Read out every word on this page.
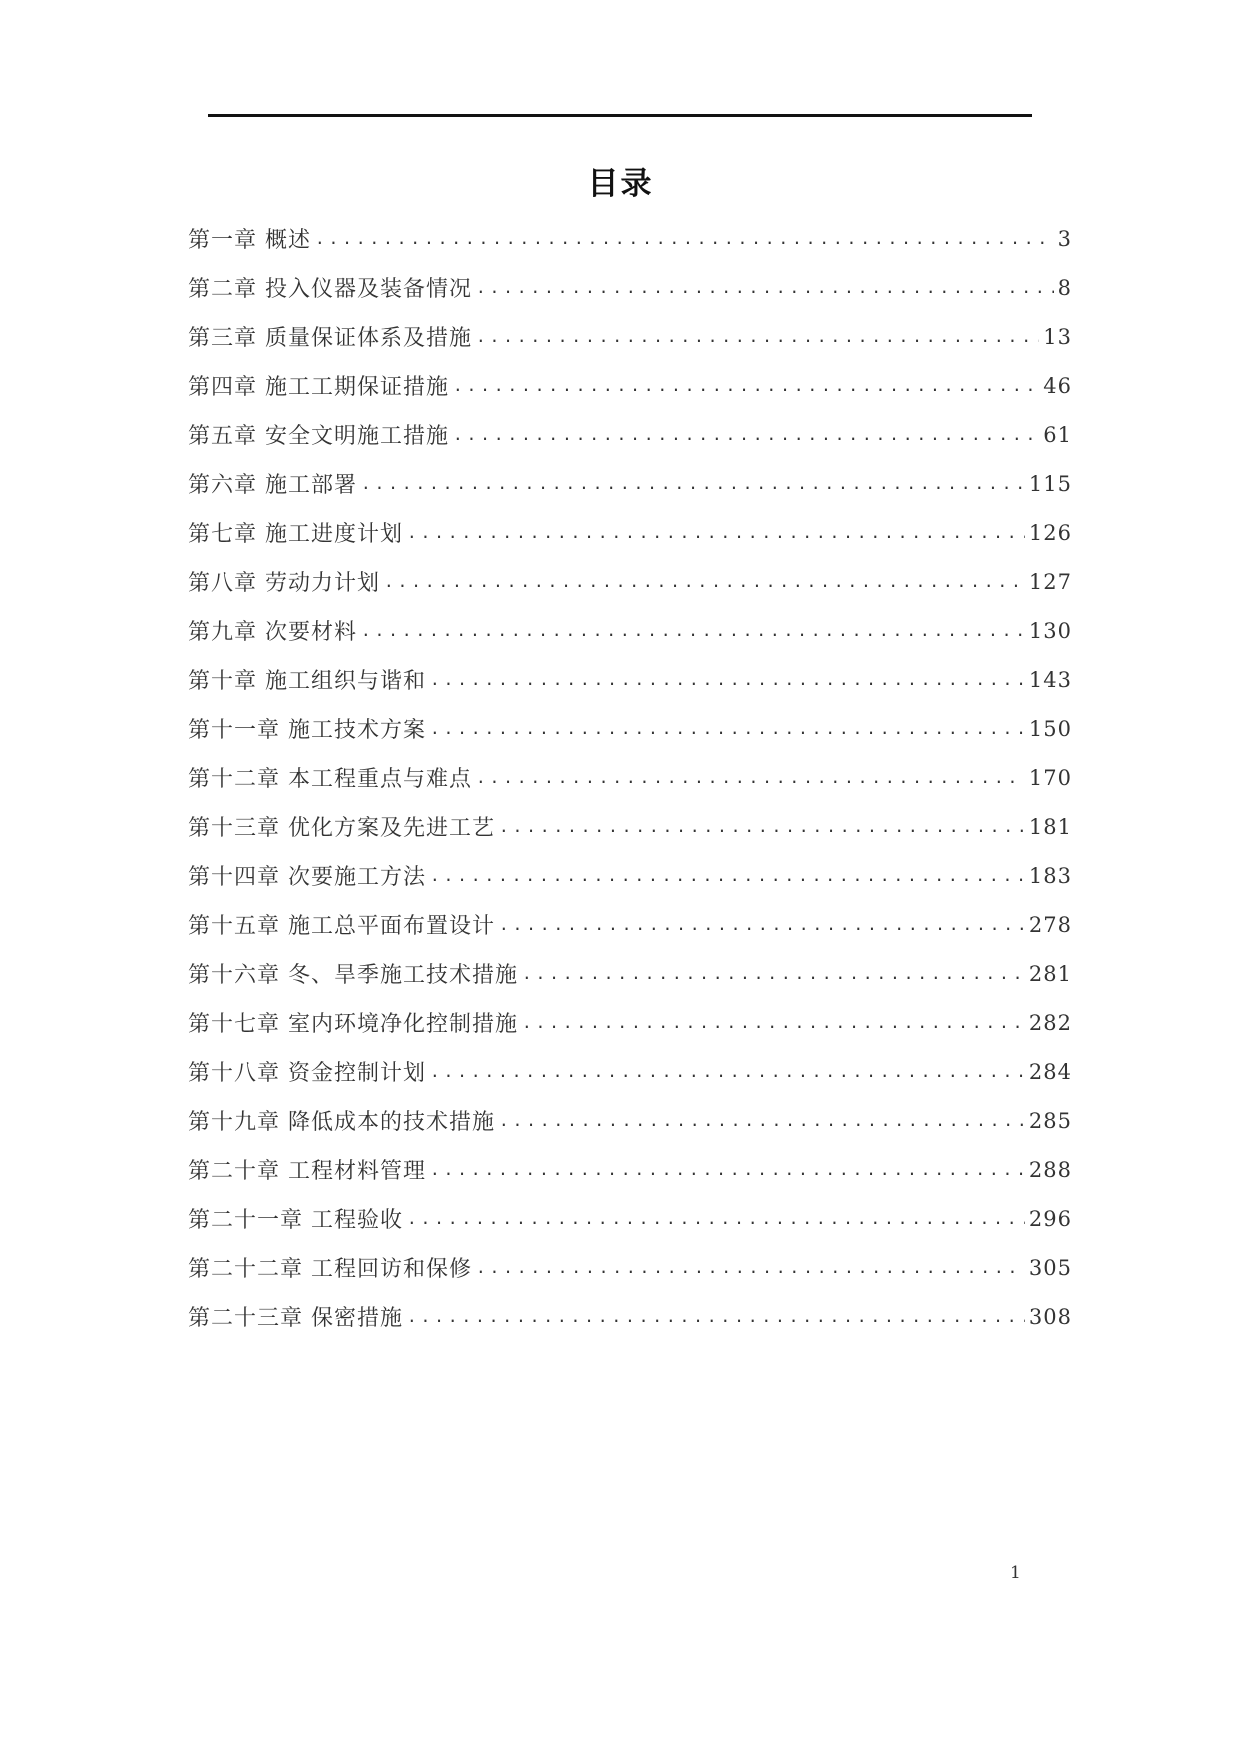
目录
第一章 概述 .....	3
第二章 投入仪器及装备情况 .....	8
第三章 质量保证体系及措施 .....	13
第四章 施工工期保证措施 .....	46
第五章 安全文明施工措施 .....	61
第六章 施工部署 .....	115
第七章 施工进度计划 .....	126
第八章 劳动力计划 .....	127
第九章 次要材料 .....	130
第十章 施工组织与谐和 .....	143
第十一章 施工技术方案 .....	150
第十二章 本工程重点与难点 .....	170
第十三章 优化方案及先进工艺 .....	181
第十四章 次要施工方法 .....	183
第十五章 施工总平面布置设计 .....	278
第十六章 冬、旱季施工技术措施 .....	281
第十七章 室内环境净化控制措施 .....	282
第十八章 资金控制计划 .....	284
第十九章 降低成本的技术措施 .....	285
第二十章 工程材料管理 .....	288
第二十一章 工程验收 .....	296
第二十二章 工程回访和保修 .....	305
第二十三章 保密措施 .....	308
1
